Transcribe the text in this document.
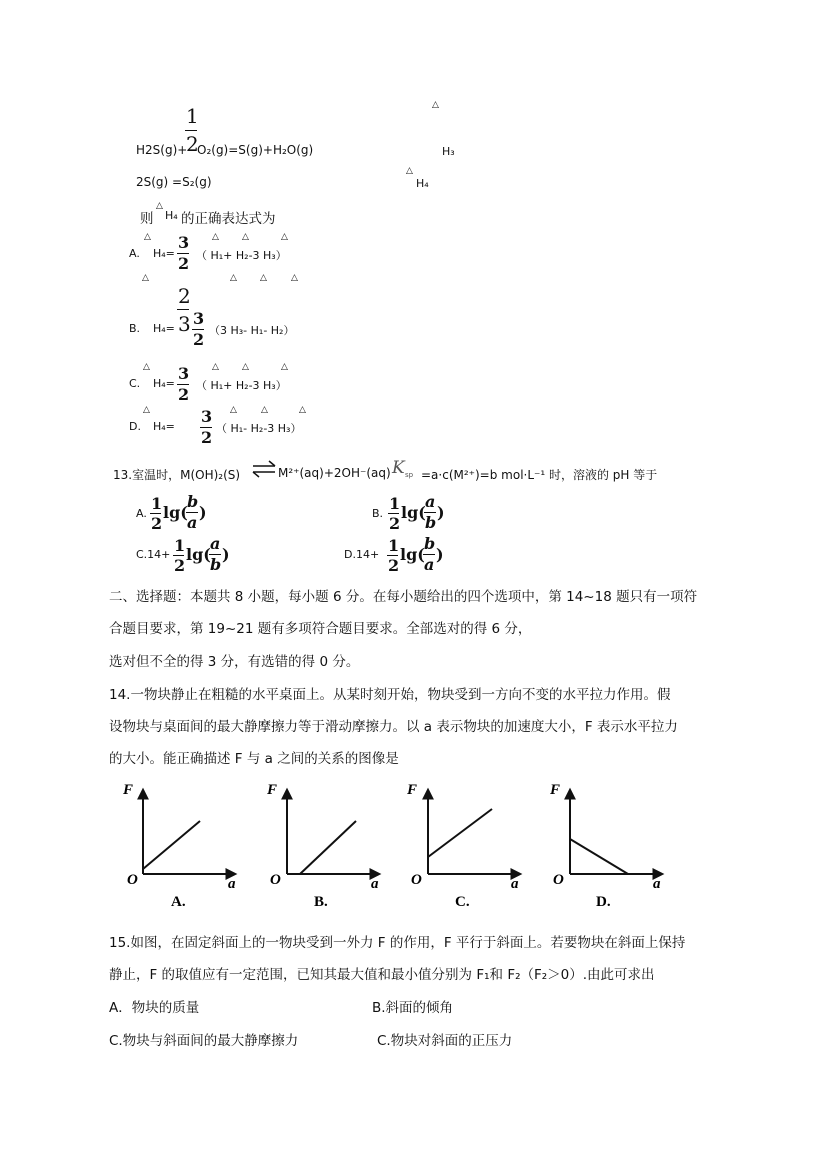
1
2
H2S(g)+ O₂(g)=S(g)+H₂O(g)
△
H₃
2S(g) =S₂(g)
△
H₄
则
△
H₄ 的正确表达式为
A.
△
H₄=
3
2
△	△	△
（ H₁+ H₂-3 H₃）
△	△	△	△
2
3
B. H₄=
3
2 （3 H₃- H₁- H₂）
△	△	△	△
C. H₄=
3
2 （ H₁+ H₂-3 H₃）
△	△	△	△
D. H₄=
3
2 （ H₁- H₂-3 H₃）
13.室温时，M(OH)₂(S) ⇌ M²⁺(aq)+2OH⁻(aq) K sp =a·c(M²⁺)=b mol·L⁻¹ 时，溶液的 pH 等于
A.
1
2
lg(
b
a
)	B.
1
2
lg(
a
b
)
C.14+ 1
2
lg(
a
b
)	D.14+ 1
2
lg(
b
a
)
二、选择题：本题共 8 小题，每小题 6 分。在每小题给出的四个选项中，第 14~18 题只有一项符
合题目要求，第 19~21 题有多项符合题目要求。全部选对的得 6 分，
选对但不全的得 3 分，有选错的得 0 分。
14.一物块静止在粗糙的水平桌面上。从某时刻开始，物块受到一方向不变的水平拉力作用。假
设物块与桌面间的最大静摩擦力等于滑动摩擦力。以 a 表示物块的加速度大小，F 表示水平拉力
的大小。能正确描述 F 与 a 之间的关系的图像是
F
a
O
A.
F
a
O
B.
F
a
O
C.
F
a
O
D.
15.如图，在固定斜面上的一物块受到一外力 F 的作用，F 平行于斜面上。若要物块在斜面上保持
静止，F 的取值应有一定范围，已知其最大值和最小值分别为 F₁和 F₂（F₂＞0）.由此可求出
A．物块的质量	B.斜面的倾角
C.物块与斜面间的最大静摩擦力	C.物块对斜面的正压力
